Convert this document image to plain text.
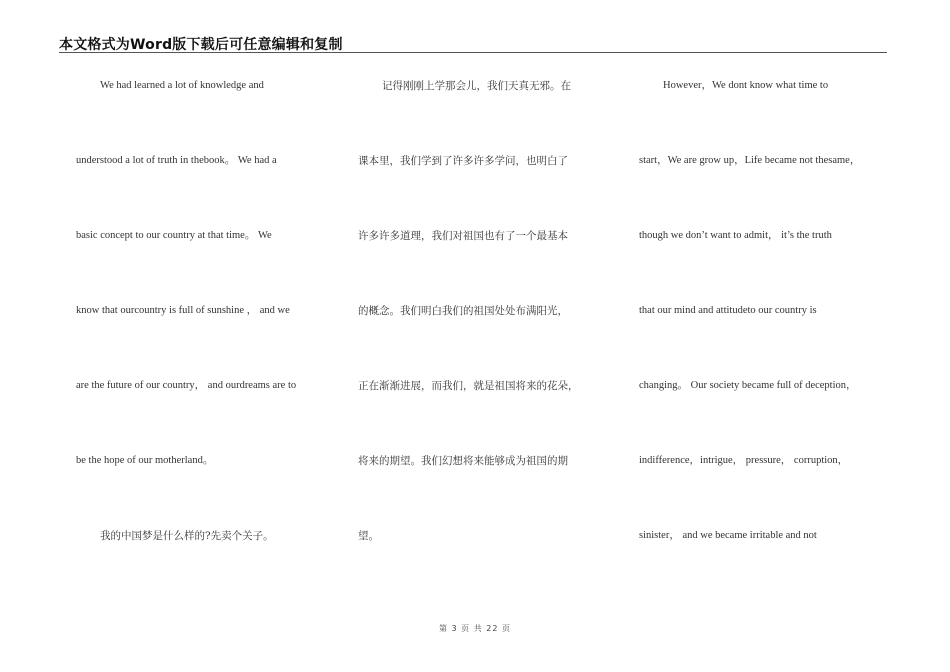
本文格式为Word版下载后可任意编辑和复制
We had learned a lot of knowledge and
understood a lot of truth in thebook。 We had a
basic concept to our country at that time。 We
know that ourcountry is full of sunshine ， and we
are the future of our country， and ourdreams are to
be the hope of our motherland。
我的中国梦是什么样的?先卖个关子。
记得刚刚上学那会儿，我们天真无邪。在
课本里，我们学到了许多许多学问，也明白了
许多许多道理，我们对祖国也有了一个最基本
的概念。我们明白我们的祖国处处布满阳光，
正在渐渐进展，而我们，就是祖国将来的花朵，
将来的期望。我们幻想将来能够成为祖国的期
望。
However，We dont know what time to
start，We are grow up，Life became not thesame，
though we don’t want to admit， it’s the truth
that our mind and attitudeto our country is
changing。 Our society became full of deception，
indifference，intrigue， pressure， corruption，
sinister， and we became irritable and not
第 3 页 共 22 页
